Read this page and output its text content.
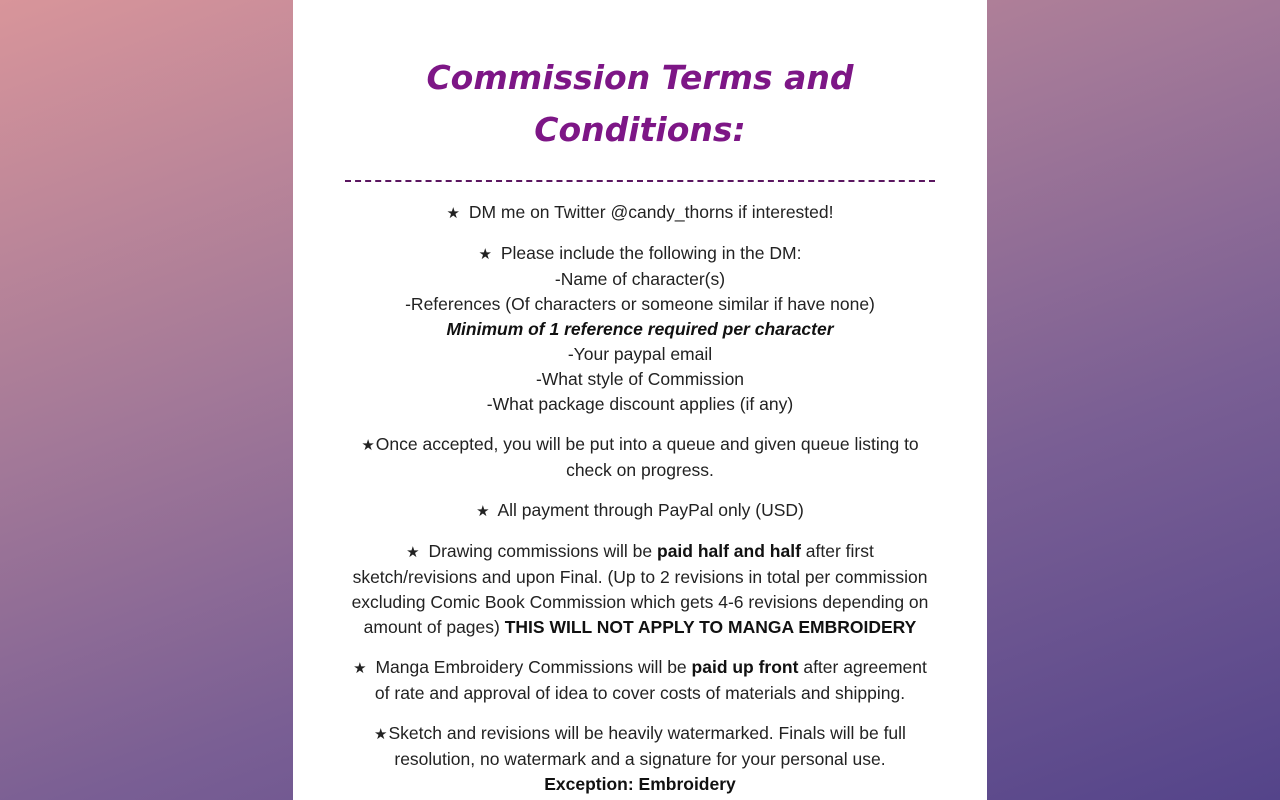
Commission Terms and Conditions:

★ DM me on Twitter @candy_thorns if interested!

★ Please include the following in the DM:
-Name of character(s)
-References (Of characters or someone similar if have none)
Minimum of 1 reference required per character
-Your paypal email
-What style of Commission
-What package discount applies (if any)

★Once accepted, you will be put into a queue and given queue listing to check on progress.

★ All payment through PayPal only (USD)

★ Drawing commissions will be paid half and half after first sketch/revisions and upon Final. (Up to 2 revisions in total per commission excluding Comic Book Commission which gets 4-6 revisions depending on amount of pages) THIS WILL NOT APPLY TO MANGA EMBROIDERY

★ Manga Embroidery Commissions will be paid up front after agreement of rate and approval of idea to cover costs of materials and shipping.

★Sketch and revisions will be heavily watermarked. Finals will be full resolution, no watermark and a signature for your personal use.
Exception: Embroidery
